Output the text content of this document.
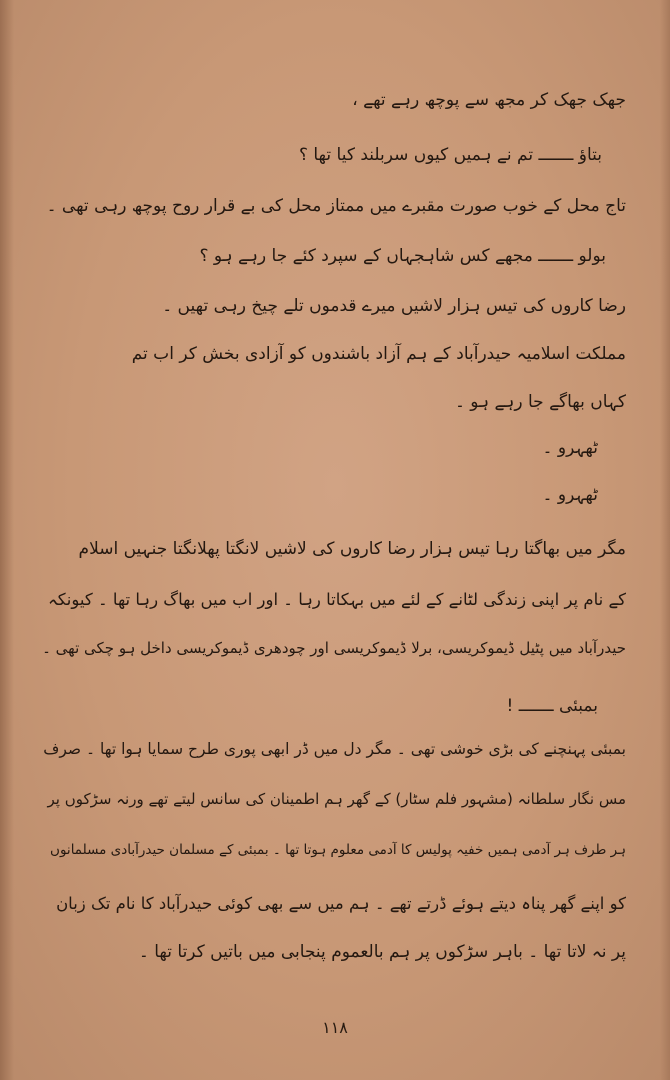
جھک جھک کر مجھ سے پوچھ رہے تھے ،
بتاؤ ـــــــ تم نے ہمیں کیوں سربلند کیا تھا ؟
تاج محل کے خوب صورت مقبرے میں ممتاز محل کی بے قرار روح پوچھ رہی تھی ۔
بولو ـــــــ مجھے کس شاہجہاں کے سپرد کئے جا رہے ہو ؟
رضا کاروں کی تیس ہزار لاشیں میرے قدموں تلے چیخ رہی تھیں ۔
مملکت اسلامیہ حیدرآباد کے ہم آزاد باشندوں کو آزادی بخش کر اب تم
کہاں بھاگے جا رہے ہو ۔
ٹھہرو ۔
ٹھہرو ۔
مگر میں بھاگتا رہا تیس ہزار رضا کاروں کی لاشیں لانگتا پھلانگتا جنہیں اسلام
کے نام پر اپنی زندگی لٹانے کے لئے میں بہکاتا رہا ۔ اور اب میں بھاگ رہا تھا ۔ کیونکہ
حیدرآباد میں پٹیل ڈیموکریسی، برلا ڈیموکریسی اور چودھری ڈیموکریسی داخل ہو چکی تھی ۔
بمبئی ـــــــ !
بمبئی پہنچنے کی بڑی خوشی تھی ۔ مگر دل میں ڈر ابھی پوری طرح سمایا ہوا تھا ۔ صرف
مس نگار سلطانہ (مشہور فلم سٹار) کے گھر ہم اطمینان کی سانس لیتے تھے ورنہ سڑکوں پر
ہر طرف ہر آدمی ہمیں خفیہ پولیس کا آدمی معلوم ہوتا تھا ۔ بمبئی کے مسلمان حیدرآبادی مسلمانوں
کو اپنے گھر پناہ دیتے ہوئے ڈرتے تھے ۔ ہم میں سے بھی کوئی حیدرآباد کا نام تک زبان
پر نہ لاتا تھا ۔ باہر سڑکوں پر ہم بالعموم پنجابی میں باتیں کرتا تھا ۔
۱۱۸
